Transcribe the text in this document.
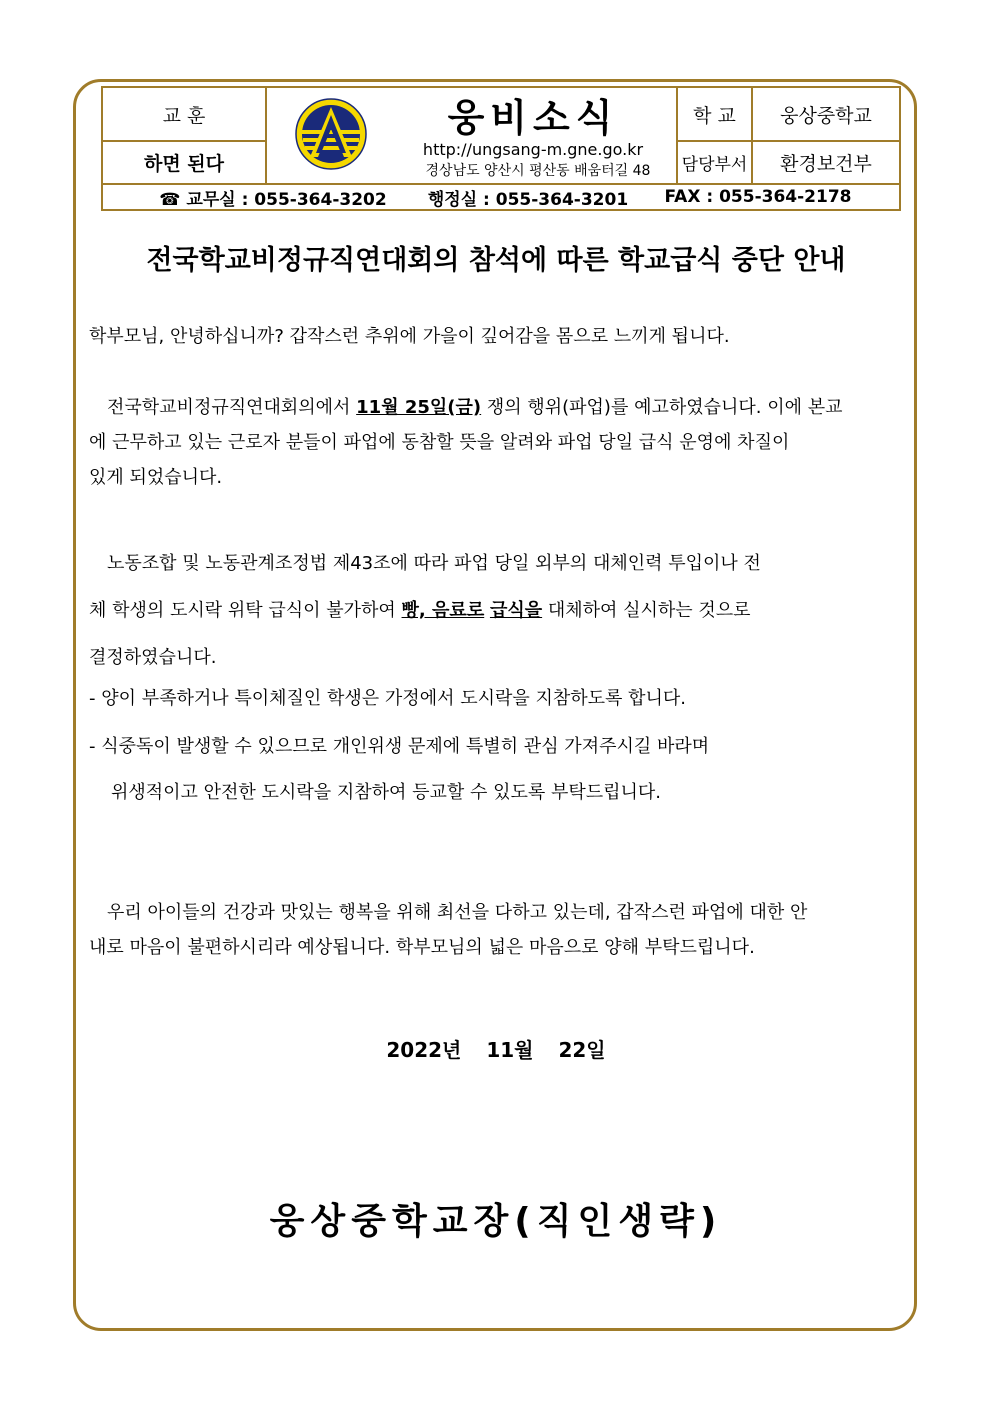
교 훈
하면 된다
웅비소식
http://ungsang-m.gne.go.kr
경상남도 양산시 평산동 배움터길 48
학 교	웅상중학교
담당부서	환경보건부
☎ 교무실 : 055-364-3202	행정실 : 055-364-3201	FAX : 055-364-2178
전국학교비정규직연대회의 참석에 따른 학교급식 중단 안내
학부모님, 안녕하십니까? 갑작스런 추위에 가을이 깊어감을 몸으로 느끼게 됩니다.
전국학교비정규직연대회의에서 11월 25일(금) 쟁의 행위(파업)를 예고하였습니다. 이에 본교
에 근무하고 있는 근로자 분들이 파업에 동참할 뜻을 알려와 파업 당일 급식 운영에 차질이
있게 되었습니다.
노동조합 및 노동관계조정법 제43조에 따라 파업 당일 외부의 대체인력 투입이나 전
체 학생의 도시락 위탁 급식이 불가하여 빵, 음료로 급식을 대체하여 실시하는 것으로
결정하였습니다.
- 양이 부족하거나 특이체질인 학생은 가정에서 도시락을 지참하도록 합니다.
- 식중독이 발생할 수 있으므로 개인위생 문제에 특별히 관심 가져주시길 바라며
위생적이고 안전한 도시락을 지참하여 등교할 수 있도록 부탁드립니다.
우리 아이들의 건강과 맛있는 행복을 위해 최선을 다하고 있는데, 갑작스런 파업에 대한 안
내로 마음이 불편하시리라 예상됩니다. 학부모님의 넓은 마음으로 양해 부탁드립니다.
2022년 11월 22일
웅상중학교장(직인생략)
